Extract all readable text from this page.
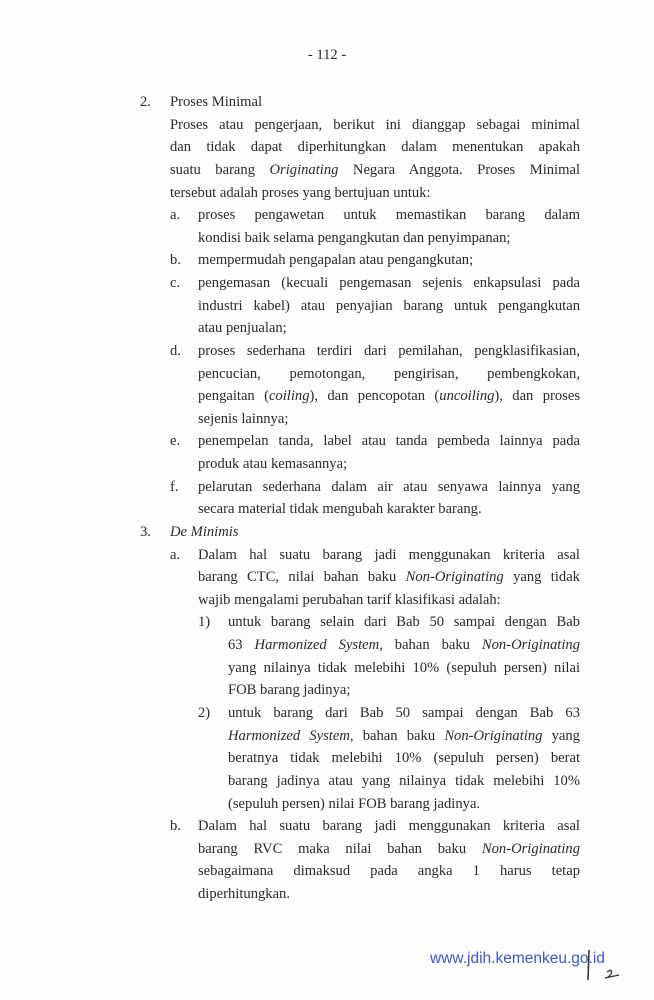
- 112 -
2. Proses Minimal
Proses atau pengerjaan, berikut ini dianggap sebagai minimal
dan tidak dapat diperhitungkan dalam menentukan apakah
suatu barang Originating Negara Anggota. Proses Minimal
tersebut adalah proses yang bertujuan untuk:
a. proses pengawetan untuk memastikan barang dalam
kondisi baik selama pengangkutan dan penyimpanan;
b. mempermudah pengapalan atau pengangkutan;
c. pengemasan (kecuali pengemasan sejenis enkapsulasi pada
industri kabel) atau penyajian barang untuk pengangkutan
atau penjualan;
d. proses sederhana terdiri dari pemilahan, pengklasifikasian,
pencucian, pemotongan, pengirisan, pembengkokan,
pengaitan (coiling), dan pencopotan (uncoiling), dan proses
sejenis lainnya;
e. penempelan tanda, label atau tanda pembeda lainnya pada
produk atau kemasannya;
f. pelarutan sederhana dalam air atau senyawa lainnya yang
secara material tidak mengubah karakter barang.
3. De Minimis
a. Dalam hal suatu barang jadi menggunakan kriteria asal
barang CTC, nilai bahan baku Non-Originating yang tidak
wajib mengalami perubahan tarif klasifikasi adalah:
1) untuk barang selain dari Bab 50 sampai dengan Bab
63 Harmonized System, bahan baku Non-Originating
yang nilainya tidak melebihi 10% (sepuluh persen) nilai
FOB barang jadinya;
2) untuk barang dari Bab 50 sampai dengan Bab 63
Harmonized System, bahan baku Non-Originating yang
beratnya tidak melebihi 10% (sepuluh persen) berat
barang jadinya atau yang nilainya tidak melebihi 10%
(sepuluh persen) nilai FOB barang jadinya.
b. Dalam hal suatu barang jadi menggunakan kriteria asal
barang RVC maka nilai bahan baku Non-Originating
sebagaimana dimaksud pada angka 1 harus tetap
diperhitungkan.
www.jdih.kemenkeu.go.id
